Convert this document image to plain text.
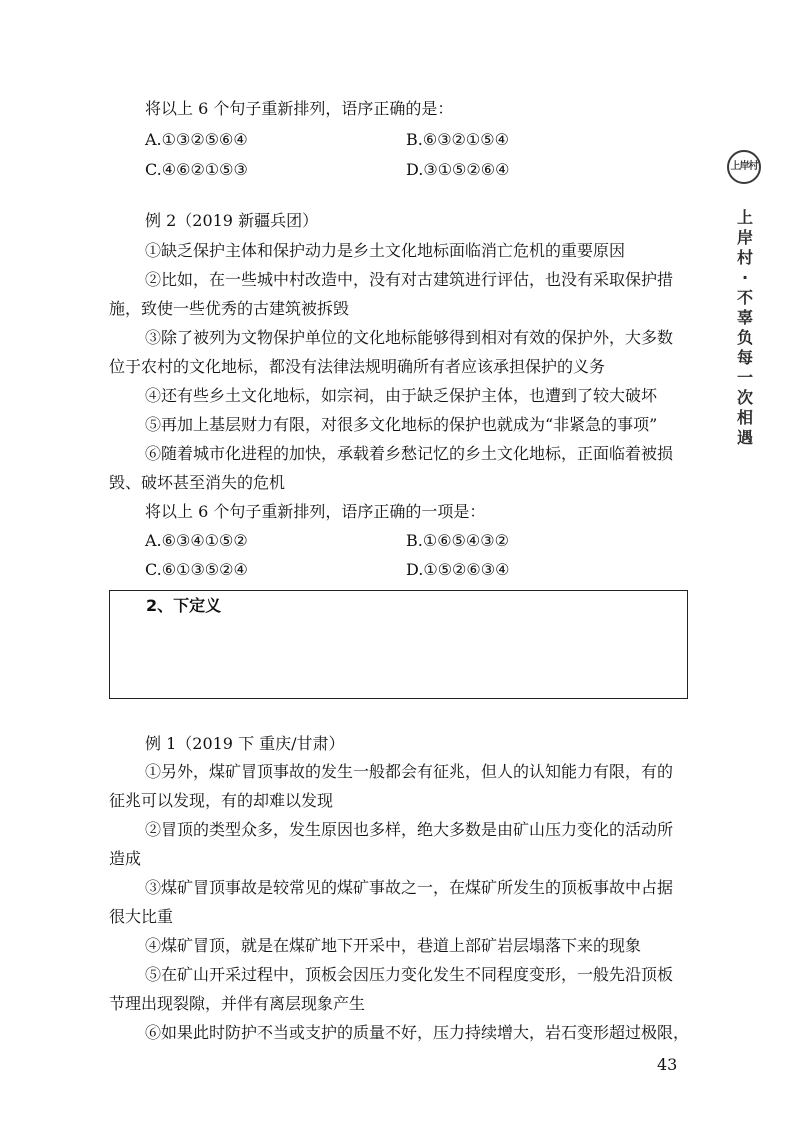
将以上 6 个句子重新排列，语序正确的是：
A.①③②⑤⑥④	B.⑥③②①⑤④
C.④⑥②①⑤③	D.③①⑤②⑥④
例 2（2019 新疆兵团）
①缺乏保护主体和保护动力是乡土文化地标面临消亡危机的重要原因
②比如，在一些城中村改造中，没有对古建筑进行评估，也没有采取保护措
施，致使一些优秀的古建筑被拆毁
③除了被列为文物保护单位的文化地标能够得到相对有效的保护外，大多数
位于农村的文化地标，都没有法律法规明确所有者应该承担保护的义务
④还有些乡土文化地标，如宗祠，由于缺乏保护主体，也遭到了较大破坏
⑤再加上基层财力有限，对很多文化地标的保护也就成为“非紧急的事项”
⑥随着城市化进程的加快，承载着乡愁记忆的乡土文化地标，正面临着被损
毁、破坏甚至消失的危机
将以上 6 个句子重新排列，语序正确的一项是：
A.⑥③④①⑤②	B.①⑥⑤④③②
C.⑥①③⑤②④	D.①⑤②⑥③④
例 1（2019 下 重庆/甘肃）
①另外，煤矿冒顶事故的发生一般都会有征兆，但人的认知能力有限，有的
征兆可以发现，有的却难以发现
②冒顶的类型众多，发生原因也多样，绝大多数是由矿山压力变化的活动所
造成
③煤矿冒顶事故是较常见的煤矿事故之一，在煤矿所发生的顶板事故中占据
很大比重
④煤矿冒顶，就是在煤矿地下开采中，巷道上部矿岩层塌落下来的现象
⑤在矿山开采过程中，顶板会因压力变化发生不同程度变形，一般先沿顶板
节理出现裂隙，并伴有离层现象产生
⑥如果此时防护不当或支护的质量不好，压力持续增大，岩石变形超过极限，
2、下定义
上岸村
上岸村·不辜负每一次相遇
43
